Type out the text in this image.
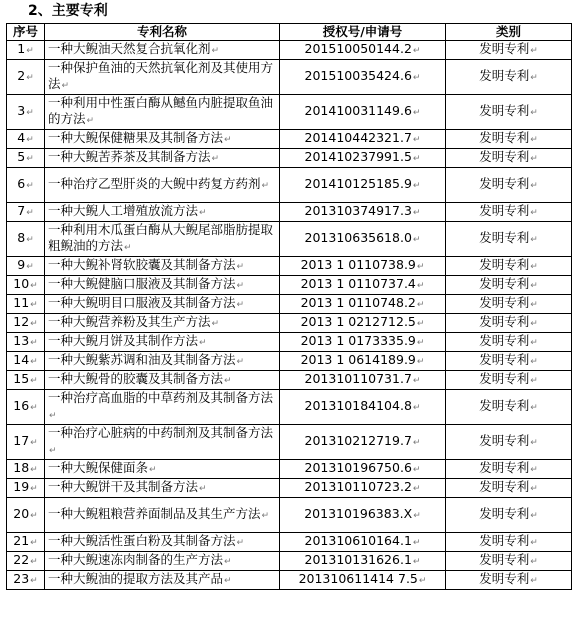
2、主要专利
序号	专利名称	授权号/申请号	类别
1 ↵	一种大鲵油天然复合抗氧化剂 ↵	201510050144.2 ↵	发明专利 ↵
2 ↵	一种保护鱼油的天然抗氧化剂及其使用方法 ↵	201510035424.6 ↵	发明专利 ↵
3 ↵	一种利用中性蛋白酶从鳡鱼内脏提取鱼油的方法 ↵	201410031149.6 ↵	发明专利 ↵
4 ↵	一种大鲵保健糖果及其制备方法 ↵	201410442321.7 ↵	发明专利 ↵
5 ↵	一种大鲵苦荞茶及其制备方法 ↵	201410237991.5 ↵	发明专利 ↵
6 ↵	一种治疗乙型肝炎的大鲵中药复方药剂 ↵	201410125185.9 ↵	发明专利 ↵
7 ↵	一种大鲵人工增殖放流方法 ↵	201310374917.3 ↵	发明专利 ↵
8 ↵	一种利用木瓜蛋白酶从大鲵尾部脂肪提取粗鲵油的方法 ↵	201310635618.0 ↵	发明专利 ↵
9 ↵	一种大鲵补肾软胶囊及其制备方法 ↵	2013 1 0110738.9 ↵	发明专利 ↵
10 ↵	一种大鲵健脑口服液及其制备方法 ↵	2013 1 0110737.4 ↵	发明专利 ↵
11 ↵	一种大鲵明目口服液及其制备方法 ↵	2013 1 0110748.2 ↵	发明专利 ↵
12 ↵	一种大鲵营养粉及其生产方法 ↵	2013 1 0212712.5 ↵	发明专利 ↵
13 ↵	一种大鲵月饼及其制作方法 ↵	2013 1 0173335.9 ↵	发明专利 ↵
14 ↵	一种大鲵紫苏调和油及其制备方法 ↵	2013 1 0614189.9 ↵	发明专利 ↵
15 ↵	一种大鲵骨的胶囊及其制备方法 ↵	201310110731.7 ↵	发明专利 ↵
16 ↵	一种治疗高血脂的中草药剂及其制备方法 ↵	201310184104.8 ↵	发明专利 ↵
17 ↵	一种治疗心脏病的中药制剂及其制备方法 ↵	201310212719.7 ↵	发明专利 ↵
18 ↵	一种大鲵保健面条 ↵	201310196750.6 ↵	发明专利 ↵
19 ↵	一种大鲵饼干及其制备方法 ↵	201310110723.2 ↵	发明专利 ↵
20 ↵	一种大鲵粗粮营养面制品及其生产方法 ↵	201310196383.X ↵	发明专利 ↵
21 ↵	一种大鲵活性蛋白粉及其制备方法 ↵	201310610164.1 ↵	发明专利 ↵
22 ↵	一种大鲵速冻肉制备的生产方法 ↵	201310131626.1 ↵	发明专利 ↵
23 ↵	一种大鲵油的提取方法及其产品 ↵	201310611414 7.5 ↵	发明专利 ↵
